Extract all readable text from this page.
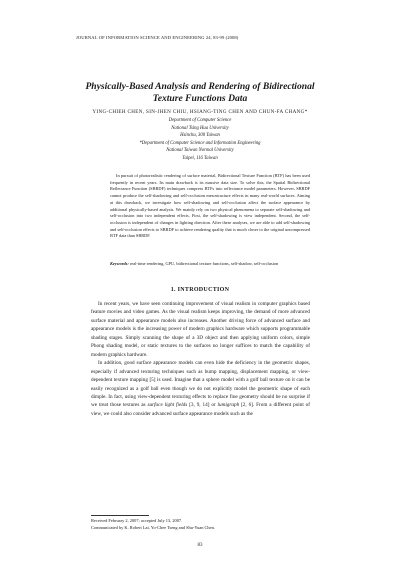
JOURNAL OF INFORMATION SCIENCE AND ENGINEERING 24, 83-99 (2008)
Physically-Based Analysis and Rendering of Bidirectional
Texture Functions Data
YING-CHIEH CHEN, SIN-JHEN CHIU, HSIANG-TING CHEN AND CHUN-FA CHANG*
Department of Computer Science
National Tsing Hua University
Hsinchu, 300 Taiwan
*Department of Computer Science and Information Engineering
National Taiwan Normal University
Taipei, 116 Taiwan
In pursuit of photorealistic rendering of surface material, Bidirectional Texture Function (BTF) has been used frequently in recent years. Its main drawback is its massive data size. To solve this, the Spatial Bidirectional Reflectance Function (SBRDF) techniques compress BTFs into reflectance model parameters. However, SBRDF cannot produce the self-shadowing and self-occlusion mesostructure effects in many real-world surfaces. Aiming at this drawback, we investigate how self-shadowing and self-occlusion affect the surface appearance by additional physically-based analysis. We mainly rely on two physical phenomena to separate self-shadowing and self-occlusion into two independent effects. First, the self-shadowing is view independent. Second, the self-occlusion is independent of changes in lighting direction. After these analyses, we are able to add self-shadowing and self-occlusion effects to SBRDF to achieve rendering quality that is much closer to the original uncompressed BTF data than SBRDF.
Keywords: real-time rendering, GPU, bidirectional texture functions, self-shadow, self-occlusion
1. INTRODUCTION

In recent years, we have seen continuing improvement of visual realism in computer graphics based feature movies and video games. As the visual realism keeps improving, the demand of more advanced surface material and appearance models also increases. Another driving force of advanced surface and appearance models is the increasing power of modern graphics hardware which supports programmable shading stages. Simply scanning the shape of a 3D object and then applying uniform colors, simple Phong shading model, or static textures to the surfaces no longer suffices to match the capability of modern graphics hardware.

In addition, good surface appearance models can even hide the deficiency in the geometric shapes, especially if advanced texturing techniques such as bump mapping, displacement mapping, or view-dependent texture mapping [5] is used. Imagine that a sphere model with a golf ball texture on it can be easily recognized as a golf ball even though we do not explicitly model the geometric shape of each dimple. In fact, using view-dependent texturing effects to replace fine geometry should be no surprise if we treat those textures as surface light fields [3, 9, 14] or lumigraph [2, 6]. From a different point of view, we could also consider advanced surface appearance models such as the

Received February 2, 2007; accepted July 13, 2007.
Communicated by K. Robert Lai, Yo-Chee Tseng and Shu-Yuan Chen.
83
